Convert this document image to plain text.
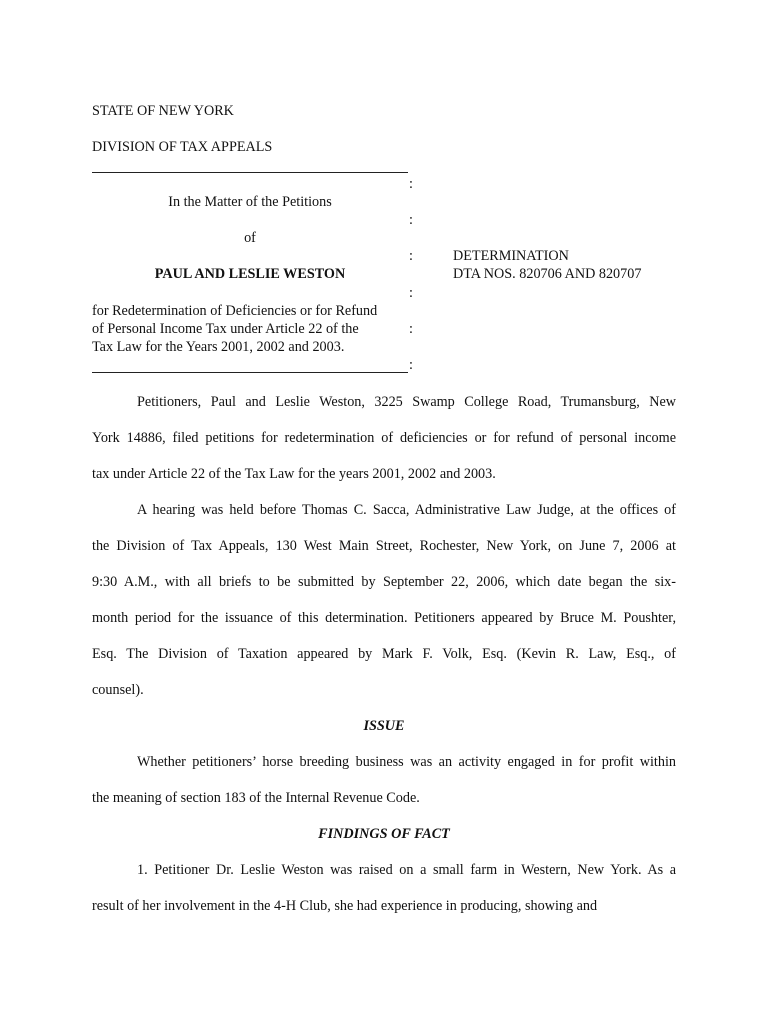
STATE OF NEW YORK
DIVISION OF TAX APPEALS
:
In the Matter of the Petitions
:
of
:	DETERMINATION
PAUL AND LESLIE WESTON	DTA NOS. 820706 AND 820707
:
for Redetermination of Deficiencies or for Refund
of Personal Income Tax under Article 22 of the	:
Tax Law for the Years 2001, 2002 and 2003.
:
Petitioners, Paul and Leslie Weston, 3225 Swamp College Road, Trumansburg, New
York 14886, filed petitions for redetermination of deficiencies or for refund of personal income
tax under Article 22 of the Tax Law for the years 2001, 2002 and 2003.
A hearing was held before Thomas C. Sacca, Administrative Law Judge, at the offices of
the Division of Tax Appeals, 130 West Main Street, Rochester, New York, on June 7, 2006 at
9:30 A.M., with all briefs to be submitted by September 22, 2006, which date began the six-
month period for the issuance of this determination. Petitioners appeared by Bruce M. Poushter,
Esq. The Division of Taxation appeared by Mark F. Volk, Esq. (Kevin R. Law, Esq., of
counsel).
ISSUE
Whether petitioners’ horse breeding business was an activity engaged in for profit within
the meaning of section 183 of the Internal Revenue Code.
FINDINGS OF FACT
1. Petitioner Dr. Leslie Weston was raised on a small farm in Western, New York. As a
result of her involvement in the 4-H Club, she had experience in producing, showing and
